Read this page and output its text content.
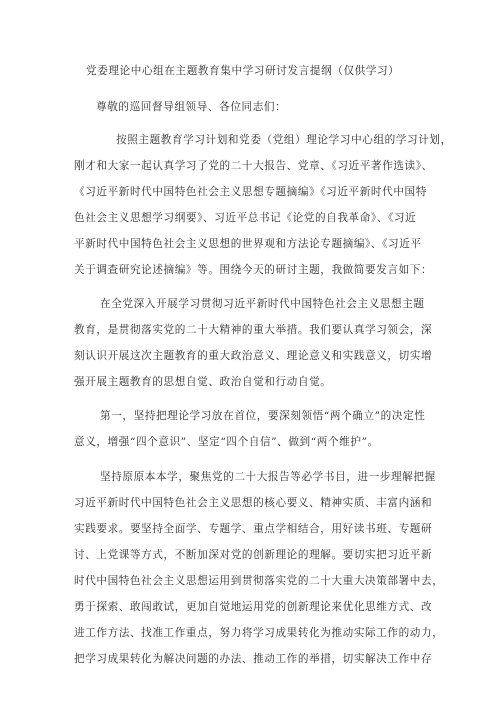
党委理论中心组在主题教育集中学习研讨发言提纲（仅供学习）
尊敬的巡回督导组领导、各位同志们：
按照主题教育学习计划和党委（党组）理论学习中心组的学习计划，
刚才和大家一起认真学习了党的二十大报告、党章、《习近平著作选读》、
《习近平新时代中国特色社会主义思想专题摘编》《习近平新时代中国特
色社会主义思想学习纲要》、习近平总书记《论党的自我革命》、《习近
平新时代中国特色社会主义思想的世界观和方法论专题摘编》、《习近平
关于调查研究论述摘编》等。围绕今天的研讨主题，我做简要发言如下：
在全党深入开展学习贯彻习近平新时代中国特色社会主义思想主题
教育，是贯彻落实党的二十大精神的重大举措。我们要认真学习领会，深
刻认识开展这次主题教育的重大政治意义、理论意义和实践意义，切实增
强开展主题教育的思想自觉、政治自觉和行动自觉。
第一，坚持把理论学习放在首位，要深刻领悟“两个确立”的决定性
意义，增强“四个意识”、坚定“四个自信”、做到“两个维护”。
坚持原原本本学，聚焦党的二十大报告等必学书目，进一步理解把握
习近平新时代中国特色社会主义思想的核心要义、精神实质、丰富内涵和
实践要求。要坚持全面学、专题学、重点学相结合，用好读书班、专题研
讨、上党课等方式，不断加深对党的创新理论的理解。要切实把习近平新
时代中国特色社会主义思想运用到贯彻落实党的二十大重大决策部署中去，
勇于探索、敢闯敢试，更加自觉地运用党的创新理论来优化思维方式、改
进工作方法、找准工作重点，努力将学习成果转化为推动实际工作的动力，
把学习成果转化为解决问题的办法、推动工作的举措，切实解决工作中存
